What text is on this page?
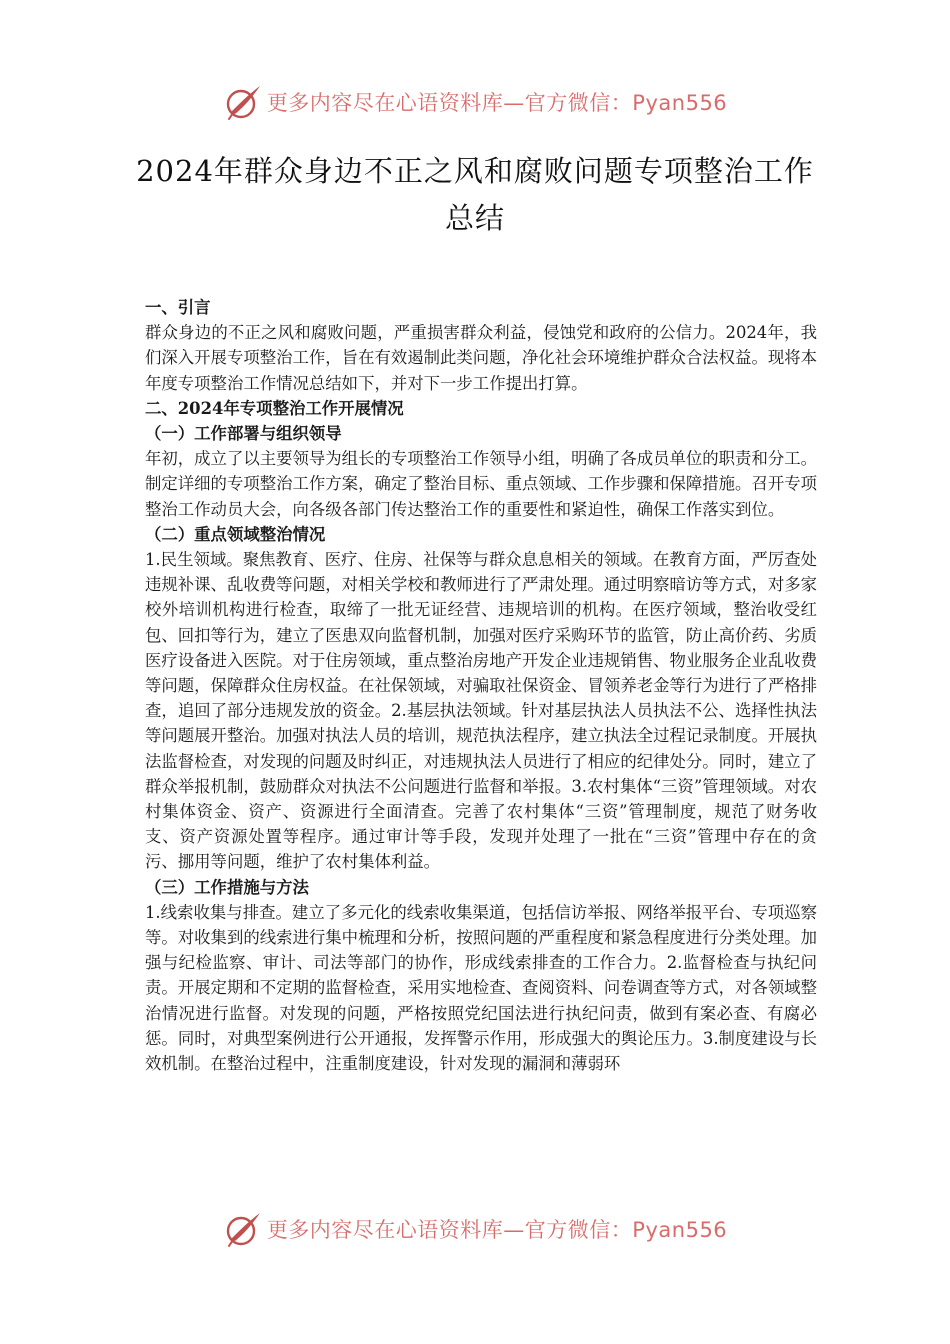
更多内容尽在心语资料库—官方微信：Pyan556
2024年群众身边不正之风和腐败问题专项整治工作
总结

一、引言

群众身边的不正之风和腐败问题，严重损害群众利益，侵蚀党和政府的公信力。2024年，我们深入开展专项整治工作，旨在有效遏制此类问题，净化社会环境维护群众合法权益。现将本年度专项整治工作情况总结如下，并对下一步工作提出打算。

二、2024年专项整治工作开展情况

（一）工作部署与组织领导

年初，成立了以主要领导为组长的专项整治工作领导小组，明确了各成员单位的职责和分工。制定详细的专项整治工作方案，确定了整治目标、重点领域、工作步骤和保障措施。召开专项整治工作动员大会，向各级各部门传达整治工作的重要性和紧迫性，确保工作落实到位。

（二）重点领域整治情况

1.民生领域。聚焦教育、医疗、住房、社保等与群众息息相关的领域。在教育方面，严厉查处违规补课、乱收费等问题，对相关学校和教师进行了严肃处理。通过明察暗访等方式，对多家校外培训机构进行检查，取缔了一批无证经营、违规培训的机构。在医疗领域，整治收受红包、回扣等行为，建立了医患双向监督机制，加强对医疗采购环节的监管，防止高价药、劣质医疗设备进入医院。对于住房领域，重点整治房地产开发企业违规销售、物业服务企业乱收费等问题，保障群众住房权益。在社保领域，对骗取社保资金、冒领养老金等行为进行了严格排查，追回了部分违规发放的资金。2.基层执法领域。针对基层执法人员执法不公、选择性执法等问题展开整治。加强对执法人员的培训，规范执法程序，建立执法全过程记录制度。开展执法监督检查，对发现的问题及时纠正，对违规执法人员进行了相应的纪律处分。同时，建立了群众举报机制，鼓励群众对执法不公问题进行监督和举报。3.农村集体“三资”管理领域。对农村集体资金、资产、资源进行全面清查。完善了农村集体“三资”管理制度，规范了财务收支、资产资源处置等程序。通过审计等手段，发现并处理了一批在“三资”管理中存在的贪污、挪用等问题，维护了农村集体利益。

（三）工作措施与方法

1.线索收集与排查。建立了多元化的线索收集渠道，包括信访举报、网络举报平台、专项巡察等。对收集到的线索进行集中梳理和分析，按照问题的严重程度和紧急程度进行分类处理。加强与纪检监察、审计、司法等部门的协作，形成线索排查的工作合力。2.监督检查与执纪问责。开展定期和不定期的监督检查，采用实地检查、查阅资料、问卷调查等方式，对各领域整治情况进行监督。对发现的问题，严格按照党纪国法进行执纪问责，做到有案必查、有腐必惩。同时，对典型案例进行公开通报，发挥警示作用，形成强大的舆论压力。3.制度建设与长效机制。在整治过程中，注重制度建设，针对发现的漏洞和薄弱环

更多内容尽在心语资料库—官方微信：Pyan556
